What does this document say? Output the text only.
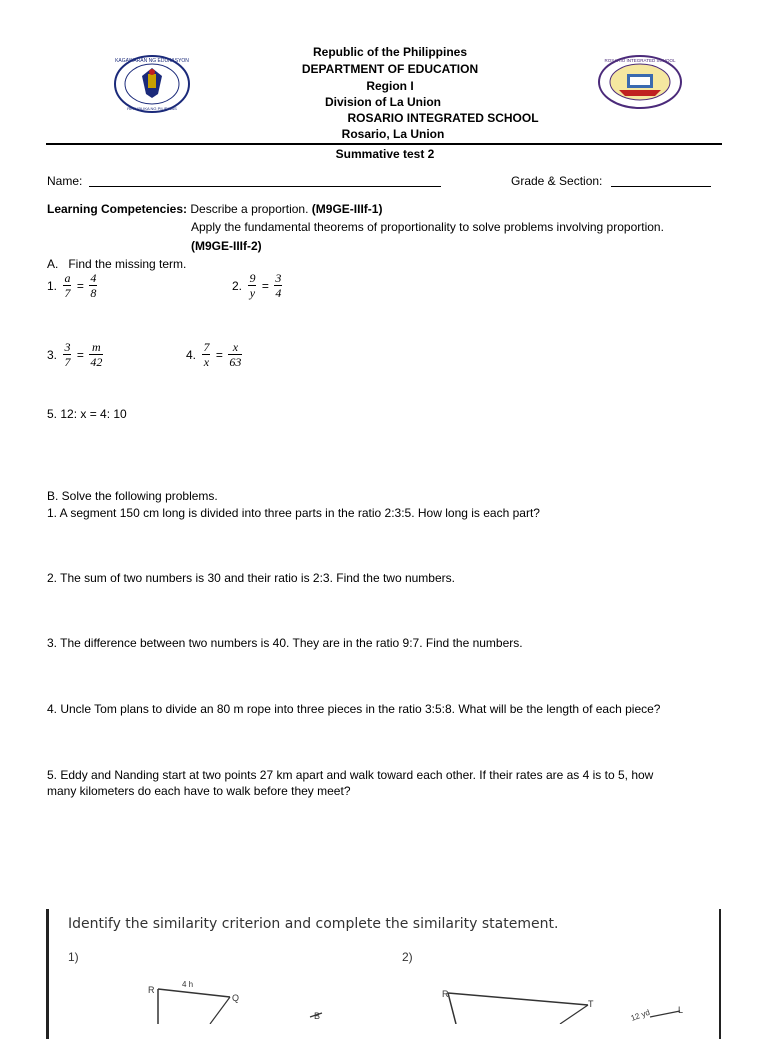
KAGAWARAN NG EDUKASYON
REPUBLIKA NG PILIPINAS
ROSARIO INTEGRATED SCHOOL
Republic of the Philippines
DEPARTMENT OF EDUCATION
Region I
Division of La Union
ROSARIO INTEGRATED SCHOOL
Rosario, La Union
Summative test 2
Name:	Grade & Section:
Learning Competencies: Describe a proportion. (M9GE-IIIf-1)
Apply the fundamental theorems of proportionality to solve problems involving proportion.
(M9GE-IIIf-2)
A.   Find the missing term.
1. $\frac{a}{7} = \frac{4}{8}$	2. $\frac{9}{y} = \frac{3}{4}$
3. $\frac{3}{7} = \frac{m}{42}$	4. $\frac{7}{x} = \frac{x}{63}$
5. 12: x = 4: 10
B. Solve the following problems.
1. A segment 150 cm long is divided into three parts in the ratio 2:3:5. How long is each part?
2. The sum of two numbers is 30 and their ratio is 2:3. Find the two numbers.
3. The difference between two numbers is 40. They are in the ratio 9:7. Find the numbers.
4. Uncle Tom plans to divide an 80 m rope into three pieces in the ratio 3:5:8. What will be the length of each piece?
5. Eddy and Nanding start at two points 27 km apart and walk toward each other. If their rates are as 4 is to 5, how
many kilometers do each have to walk before they meet?
Identify the similarity criterion and complete the similarity statement.
1)	2)
R
Q
B
4 h
R
T
L
12 yd
